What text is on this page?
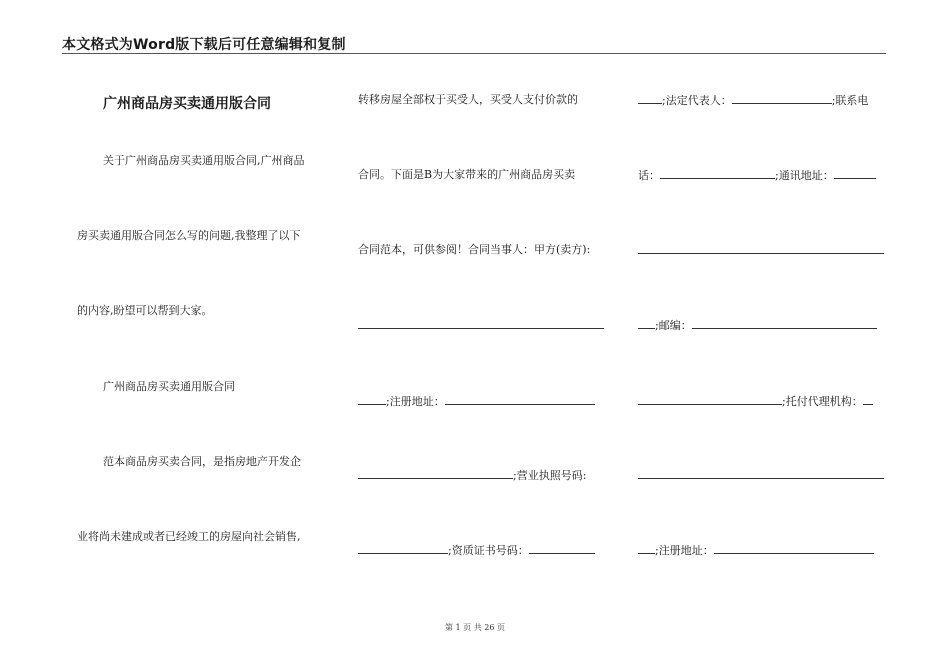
本文格式为Word版下载后可任意编辑和复制
广州商品房买卖通用版合同
关于广州商品房买卖通用版合同,广州商品
房买卖通用版合同怎么写的问题,我整理了以下
的内容,盼望可以帮到大家。
广州商品房买卖通用版合同
范本商品房买卖合同，是指房地产开发企
业将尚未建成或者已经竣工的房屋向社会销售,
转移房屋全部权于买受人，买受人支付价款的
合同。下面是B为大家带来的广州商品房买卖
合同范本，可供参阅！合同当事人：甲方(卖方):
;注册地址：
;营业执照号码:
;资质证书号码：
;法定代表人：	;联系电
话：	;通讯地址：
;邮编：
;托付代理机构：
;注册地址：
第 1 页 共 26 页
